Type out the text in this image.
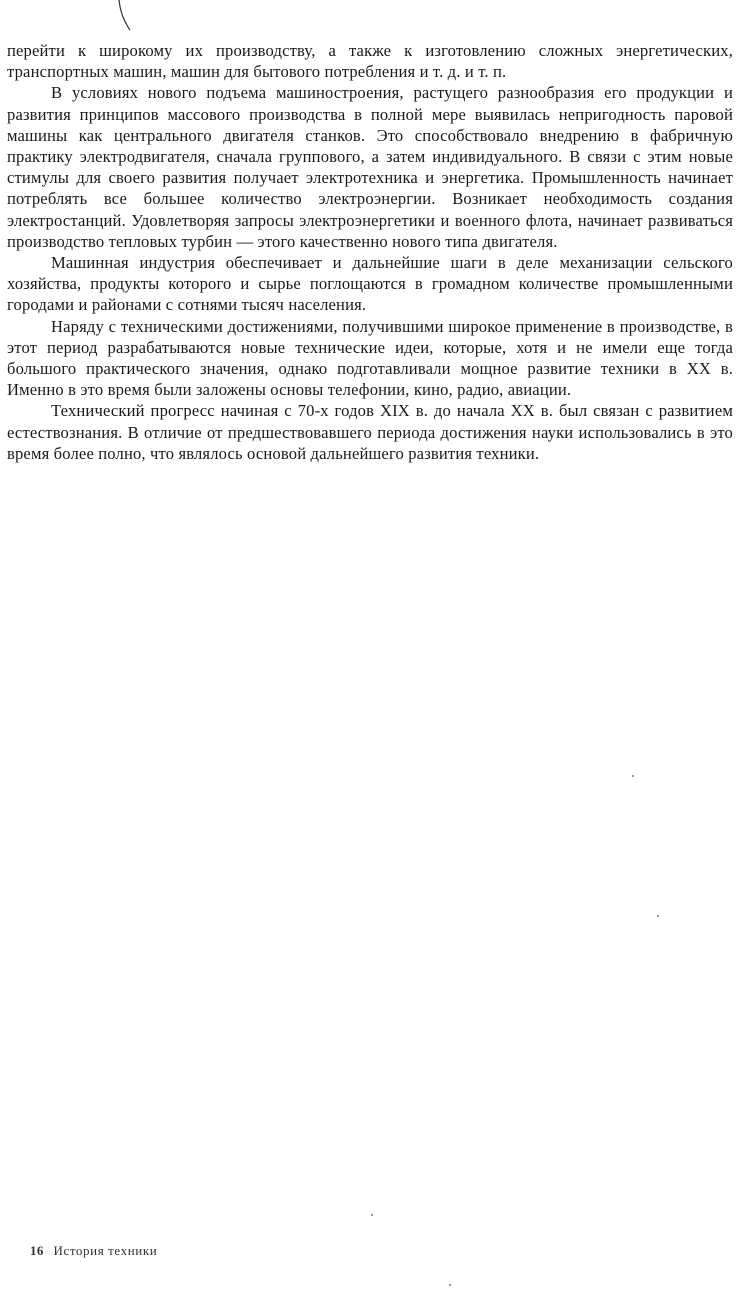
перейти к широкому их производству, а также к изготовлению сложных энергетических, транспортных машин, машин для бытового потребления и т. д. и т. п.

В условиях нового подъема машиностроения, растущего разнообразия его продукции и развития принципов массового производства в полной мере выявилась непригодность паровой машины как центрального двигателя станков. Это способствовало внедрению в фабричную практику электродвигателя, сначала группового, а затем индивидуального. В связи с этим новые стимулы для своего развития получает электротехника и энергетика. Промышленность начинает потреблять все большее количество электроэнергии. Возникает необходимость создания электростанций. Удовлетворяя запросы электроэнергетики и военного флота, начинает развиваться производство тепловых турбин — этого качественно нового типа двигателя.

Машинная индустрия обеспечивает и дальнейшие шаги в деле механизации сельского хозяйства, продукты которого и сырье поглощаются в громадном количестве промышленными городами и районами с сотнями тысяч населения.

Наряду с техническими достижениями, получившими широкое применение в производстве, в этот период разрабатываются новые технические идеи, которые, хотя и не имели еще тогда большого практического значения, однако подготавливали мощное развитие техники в XX в. Именно в это время были заложены основы телефонии, кино, радио, авиации.

Технический прогресс начиная с 70-х годов XIX в. до начала XX в. был связан с развитием естествознания. В отличие от предшествовавшего периода достижения науки использовались в это время более полно, что являлось основой дальнейшего развития техники.

16 История техники
